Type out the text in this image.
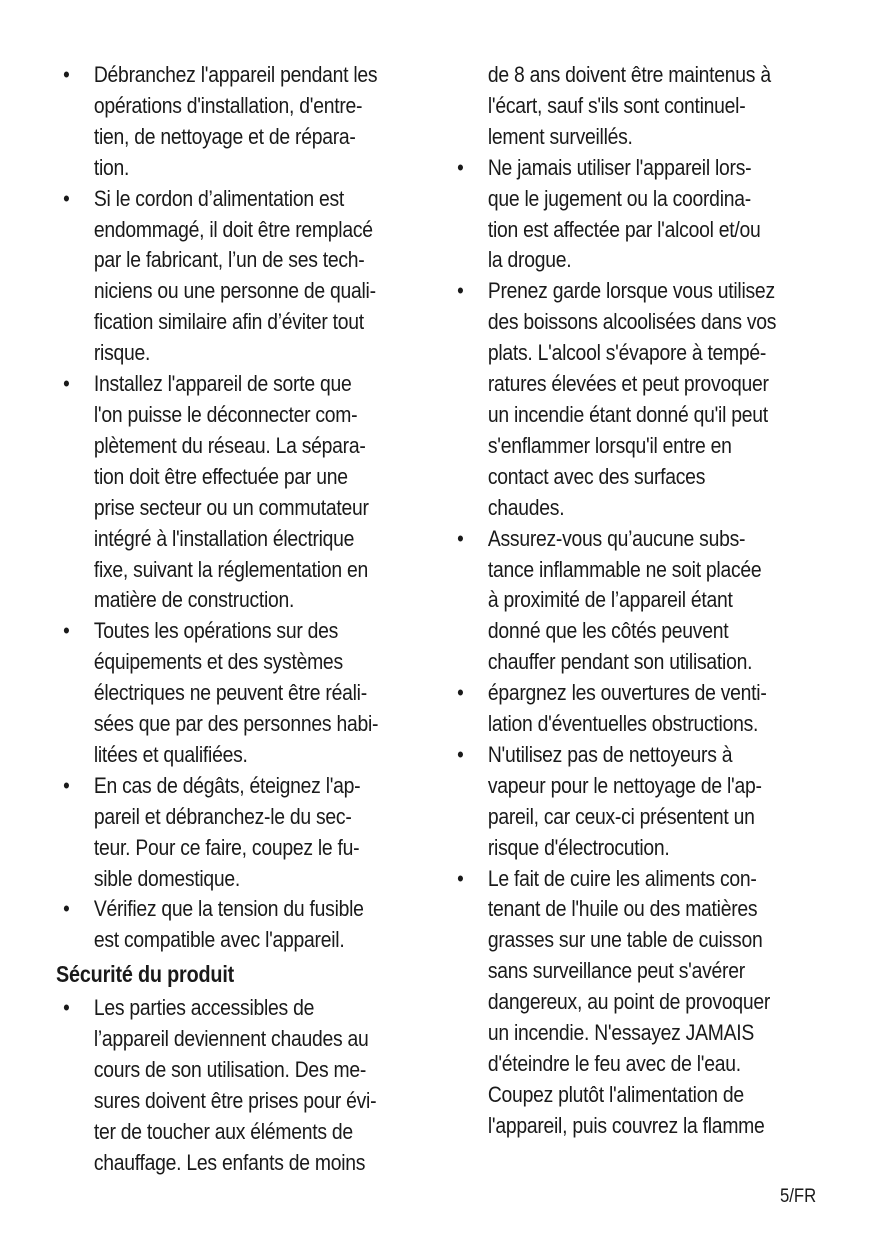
•	Débranchez l'appareil pendant les
opérations d'installation, d'entre-
tien, de nettoyage et de répara-
tion.
•	Si le cordon d’alimentation est
endommagé, il doit être remplacé
par le fabricant, l’un de ses tech-
niciens ou une personne de quali-
fication similaire afin d’éviter tout
risque.
•	Installez l'appareil de sorte que
l'on puisse le déconnecter com-
plètement du réseau. La sépara-
tion doit être effectuée par une
prise secteur ou un commutateur
intégré à l'installation électrique
fixe, suivant la réglementation en
matière de construction.
•	Toutes les opérations sur des
équipements et des systèmes
électriques ne peuvent être réali-
sées que par des personnes habi-
litées et qualifiées.
•	En cas de dégâts, éteignez l'ap-
pareil et débranchez-le du sec-
teur. Pour ce faire, coupez le fu-
sible domestique.
•	Vérifiez que la tension du fusible
est compatible avec l'appareil.
Sécurité du produit
•	Les parties accessibles de
l’appareil deviennent chaudes au
cours de son utilisation. Des me-
sures doivent être prises pour évi-
ter de toucher aux éléments de
chauffage. Les enfants de moins
de 8 ans doivent être maintenus à
l'écart, sauf s'ils sont continuel-
lement surveillés.
•	Ne jamais utiliser l'appareil lors-
que le jugement ou la coordina-
tion est affectée par l'alcool et/ou
la drogue.
•	Prenez garde lorsque vous utilisez
des boissons alcoolisées dans vos
plats. L'alcool s'évapore à tempé-
ratures élevées et peut provoquer
un incendie étant donné qu'il peut
s'enflammer lorsqu'il entre en
contact avec des surfaces
chaudes.
•	Assurez-vous qu’aucune subs-
tance inflammable ne soit placée
à proximité de l’appareil étant
donné que les côtés peuvent
chauffer pendant son utilisation.
•	épargnez les ouvertures de venti-
lation d'éventuelles obstructions.
•	N'utilisez pas de nettoyeurs à
vapeur pour le nettoyage de l'ap-
pareil, car ceux-ci présentent un
risque d'électrocution.
•	Le fait de cuire les aliments con-
tenant de l'huile ou des matières
grasses sur une table de cuisson
sans surveillance peut s'avérer
dangereux, au point de provoquer
un incendie. N'essayez JAMAIS
d'éteindre le feu avec de l'eau.
Coupez plutôt l'alimentation de
l'appareil, puis couvrez la flamme
5/FR
